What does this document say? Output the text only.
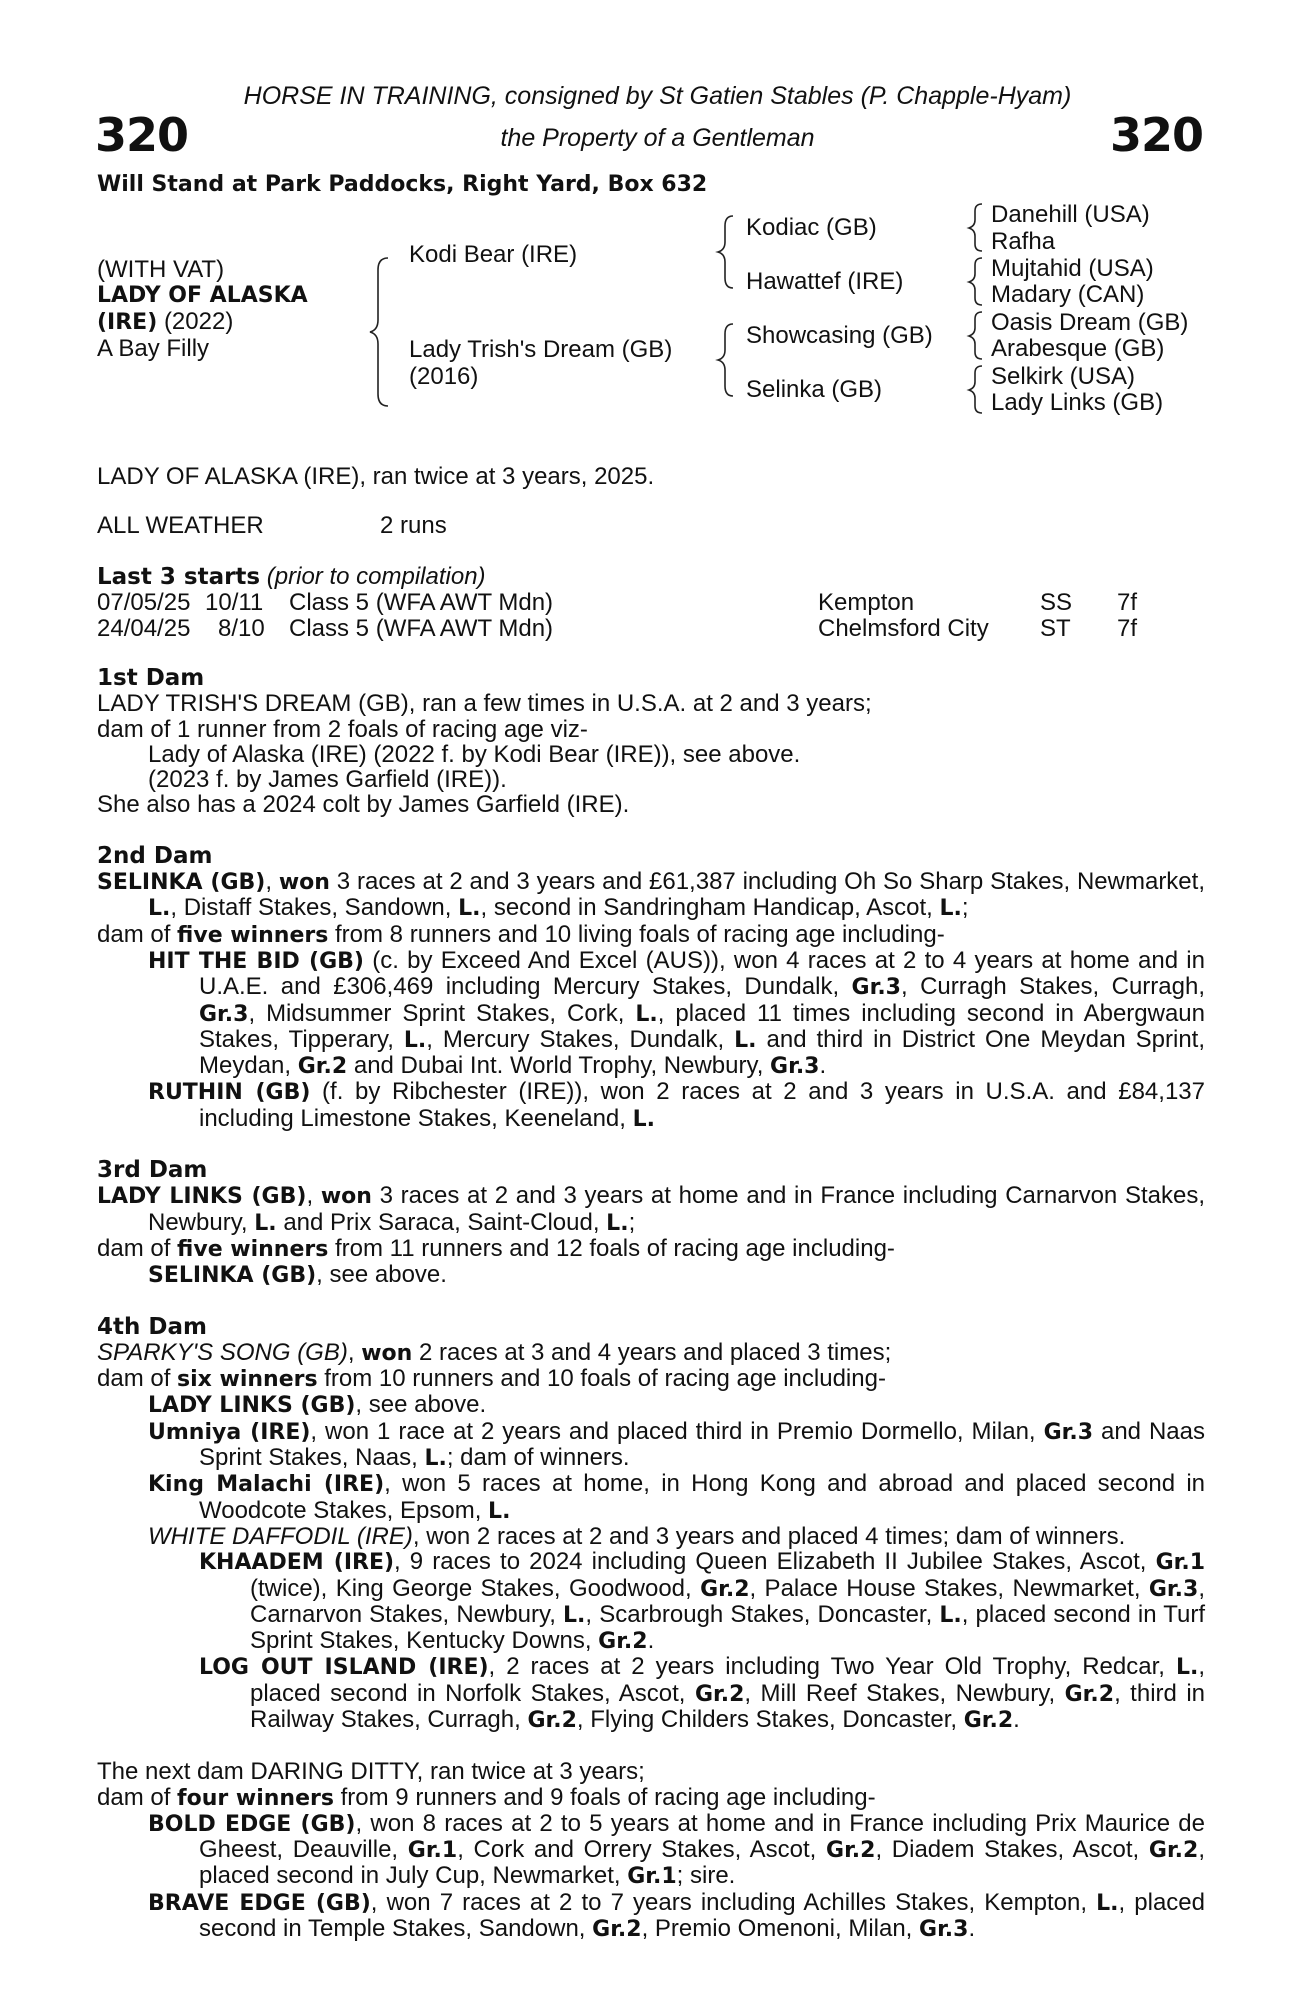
HORSE IN TRAINING, consigned by St Gatien Stables (P. Chapple-Hyam)
the Property of a Gentleman
320	320
Will Stand at Park Paddocks, Right Yard, Box 632
(WITH VAT)
LADY OF ALASKA
(IRE) (2022)
A Bay Filly
Kodi Bear (IRE)
Lady Trish's Dream (GB)
(2016)
Kodiac (GB)
Hawattef (IRE)
Showcasing (GB)
Selinka (GB)
Danehill (USA)
Rafha
Mujtahid (USA)
Madary (CAN)
Oasis Dream (GB)
Arabesque (GB)
Selkirk (USA)
Lady Links (GB)
LADY OF ALASKA (IRE), ran twice at 3 years, 2025.
ALL WEATHER	2 runs
Last 3 starts (prior to compilation)
07/05/25 10/11 Class 5 (WFA AWT Mdn)	Kempton	SS 7f
24/04/25 8/10 Class 5 (WFA AWT Mdn)	Chelmsford City ST 7f

1st Dam

LADY TRISH'S DREAM (GB), ran a few times in U.S.A. at 2 and 3 years;

dam of 1 runner from 2 foals of racing age viz-

Lady of Alaska (IRE) (2022 f. by Kodi Bear (IRE)), see above.

(2023 f. by James Garfield (IRE)).

She also has a 2024 colt by James Garfield (IRE).

2nd Dam

SELINKA (GB), won 3 races at 2 and 3 years and £61,387 including Oh So Sharp Stakes, Newmarket, L., Distaff Stakes, Sandown, L., second in Sandringham Handicap, Ascot, L.;

dam of five winners from 8 runners and 10 living foals of racing age including-

HIT THE BID (GB) (c. by Exceed And Excel (AUS)), won 4 races at 2 to 4 years at home and in U.A.E. and £306,469 including Mercury Stakes, Dundalk, Gr.3, Curragh Stakes, Curragh, Gr.3, Midsummer Sprint Stakes, Cork, L., placed 11 times including second in Abergwaun Stakes, Tipperary, L., Mercury Stakes, Dundalk, L. and third in District One Meydan Sprint, Meydan, Gr.2 and Dubai Int. World Trophy, Newbury, Gr.3.

RUTHIN (GB) (f. by Ribchester (IRE)), won 2 races at 2 and 3 years in U.S.A. and £84,137 including Limestone Stakes, Keeneland, L.

3rd Dam

LADY LINKS (GB), won 3 races at 2 and 3 years at home and in France including Carnarvon Stakes, Newbury, L. and Prix Saraca, Saint-Cloud, L.;

dam of five winners from 11 runners and 12 foals of racing age including-

SELINKA (GB), see above.

4th Dam

SPARKY'S SONG (GB), won 2 races at 3 and 4 years and placed 3 times;

dam of six winners from 10 runners and 10 foals of racing age including-

LADY LINKS (GB), see above.

Umniya (IRE), won 1 race at 2 years and placed third in Premio Dormello, Milan, Gr.3 and Naas Sprint Stakes, Naas, L.; dam of winners.

King Malachi (IRE), won 5 races at home, in Hong Kong and abroad and placed second in Woodcote Stakes, Epsom, L.

WHITE DAFFODIL (IRE), won 2 races at 2 and 3 years and placed 4 times; dam of winners.

KHAADEM (IRE), 9 races to 2024 including Queen Elizabeth II Jubilee Stakes, Ascot, Gr.1 (twice), King George Stakes, Goodwood, Gr.2, Palace House Stakes, Newmarket, Gr.3, Carnarvon Stakes, Newbury, L., Scarbrough Stakes, Doncaster, L., placed second in Turf Sprint Stakes, Kentucky Downs, Gr.2.

LOG OUT ISLAND (IRE), 2 races at 2 years including Two Year Old Trophy, Redcar, L., placed second in Norfolk Stakes, Ascot, Gr.2, Mill Reef Stakes, Newbury, Gr.2, third in Railway Stakes, Curragh, Gr.2, Flying Childers Stakes, Doncaster, Gr.2.

The next dam DARING DITTY, ran twice at 3 years;

dam of four winners from 9 runners and 9 foals of racing age including-

BOLD EDGE (GB), won 8 races at 2 to 5 years at home and in France including Prix Maurice de Gheest, Deauville, Gr.1, Cork and Orrery Stakes, Ascot, Gr.2, Diadem Stakes, Ascot, Gr.2, placed second in July Cup, Newmarket, Gr.1; sire.

BRAVE EDGE (GB), won 7 races at 2 to 7 years including Achilles Stakes, Kempton, L., placed second in Temple Stakes, Sandown, Gr.2, Premio Omenoni, Milan, Gr.3.
